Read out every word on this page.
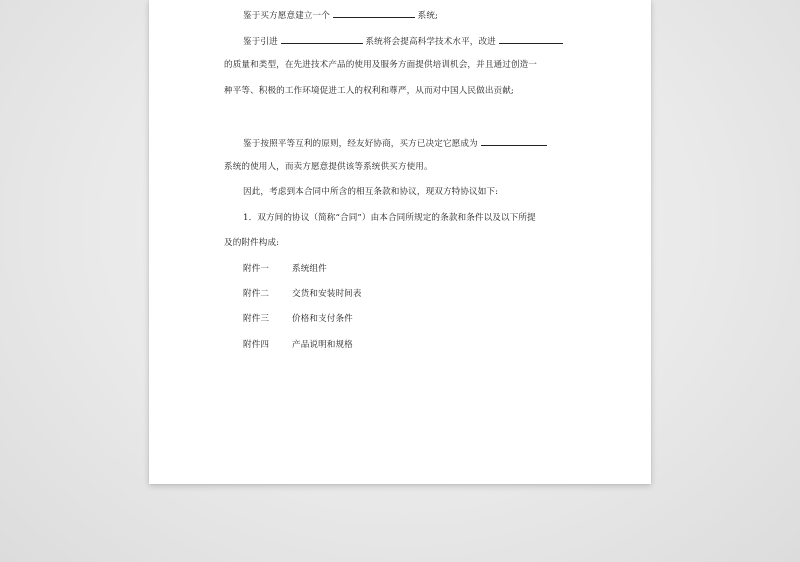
鉴于买方愿意建立一个	系统;
鉴于引进	系统将会提高科学技术水平，改进
的质量和类型，在先进技术产品的使用及服务方面提供培训机会，并且通过创造一
种平等、积极的工作环境促进工人的权利和尊严，从而对中国人民做出贡献;
鉴于按照平等互利的原则，经友好协商，买方已决定它愿成为
系统的使用人，而卖方愿意提供该等系统供买方使用。
因此，考虑到本合同中所含的相互条款和协议，现双方特协议如下:
1．双方间的协议（简称“合同”）由本合同所规定的条款和条件以及以下所提
及的附件构成:
附件一	系统组件
附件二	交货和安装时间表
附件三	价格和支付条件
附件四	产品说明和规格
